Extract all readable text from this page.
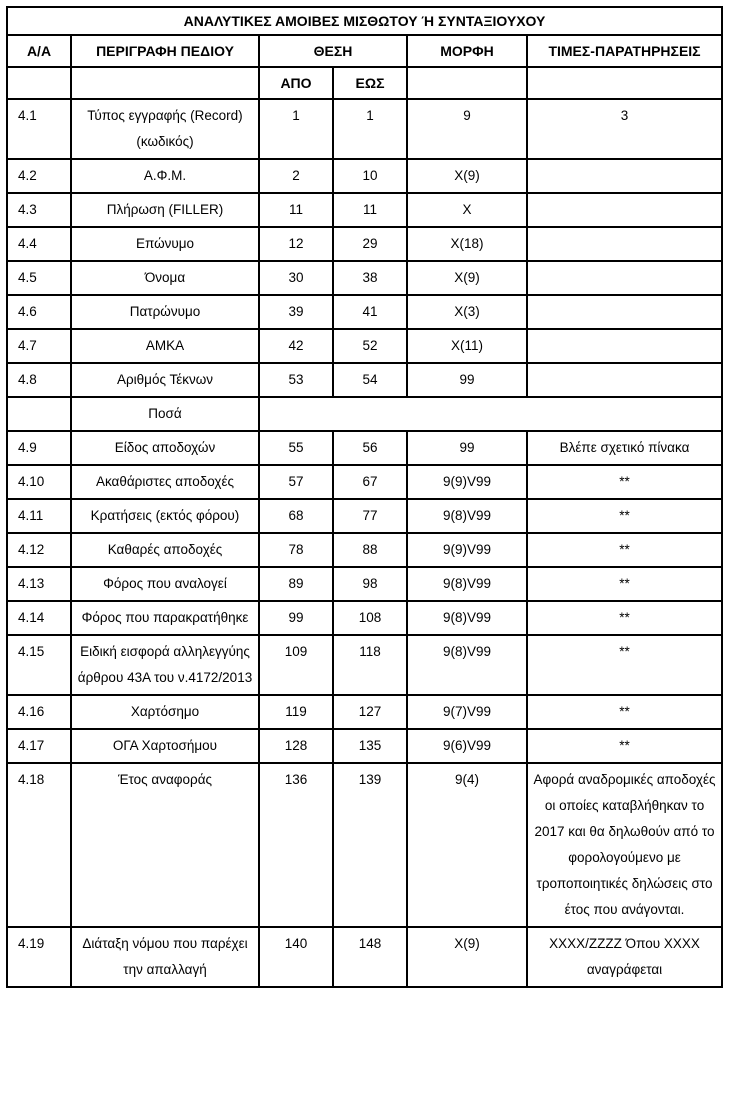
ΑΝΑΛΥΤΙΚΕΣ ΑΜΟΙΒΕΣ ΜΙΣΘΩΤΟΥ Ή ΣΥΝΤΑΞΙΟΥΧΟΥ					
Α/Α	ΠΕΡΙΓΡΑΦΗ ΠΕΔΙΟΥ	ΘΕΣΗ		ΜΟΡΦΗ	ΤΙΜΕΣ-ΠΑΡΑΤΗΡΗΣΕΙΣ
		ΑΠΟ	ΕΩΣ		
4.1	Τύπος εγγραφής (Record) (κωδικός)	1	1	9	3
4.2	Α.Φ.Μ.	2	10	X(9)	
4.3	Πλήρωση (FILLER)	11	11	X	
4.4	Επώνυμο	12	29	X(18)	
4.5	Όνομα	30	38	X(9)	
4.6	Πατρώνυμο	39	41	X(3)	
4.7	ΑΜΚΑ	42	52	X(11)	
4.8	Αριθμός Τέκνων	53	54	99	
	Ποσά				
4.9	Είδος αποδοχών	55	56	99	Βλέπε σχετικό πίνακα
4.10	Ακαθάριστες αποδοχές	57	67	9(9)V99	**
4.11	Κρατήσεις (εκτός φόρου)	68	77	9(8)V99	**
4.12	Καθαρές αποδοχές	78	88	9(9)V99	**
4.13	Φόρος που αναλογεί	89	98	9(8)V99	**
4.14	Φόρος που παρακρατήθηκε	99	108	9(8)V99	**
4.15	Ειδική εισφορά αλληλεγγύης άρθρου 43Α του ν.4172/2013	109	118	9(8)V99	**
4.16	Χαρτόσημο	119	127	9(7)V99	**
4.17	ΟΓΑ Χαρτοσήμου	128	135	9(6)V99	**
4.18	Έτος αναφοράς	136	139	9(4)	Αφορά αναδρομικές αποδοχές οι οποίες καταβλήθηκαν το 2017 και θα δηλωθούν από το φορολογούμενο με τροποποιητικές δηλώσεις στο έτος που ανάγονται.
4.19	Διάταξη νόμου που παρέχει την απαλλαγή	140	148	X(9)	XXXX/ZZZZ Όπου XXXX αναγράφεται
